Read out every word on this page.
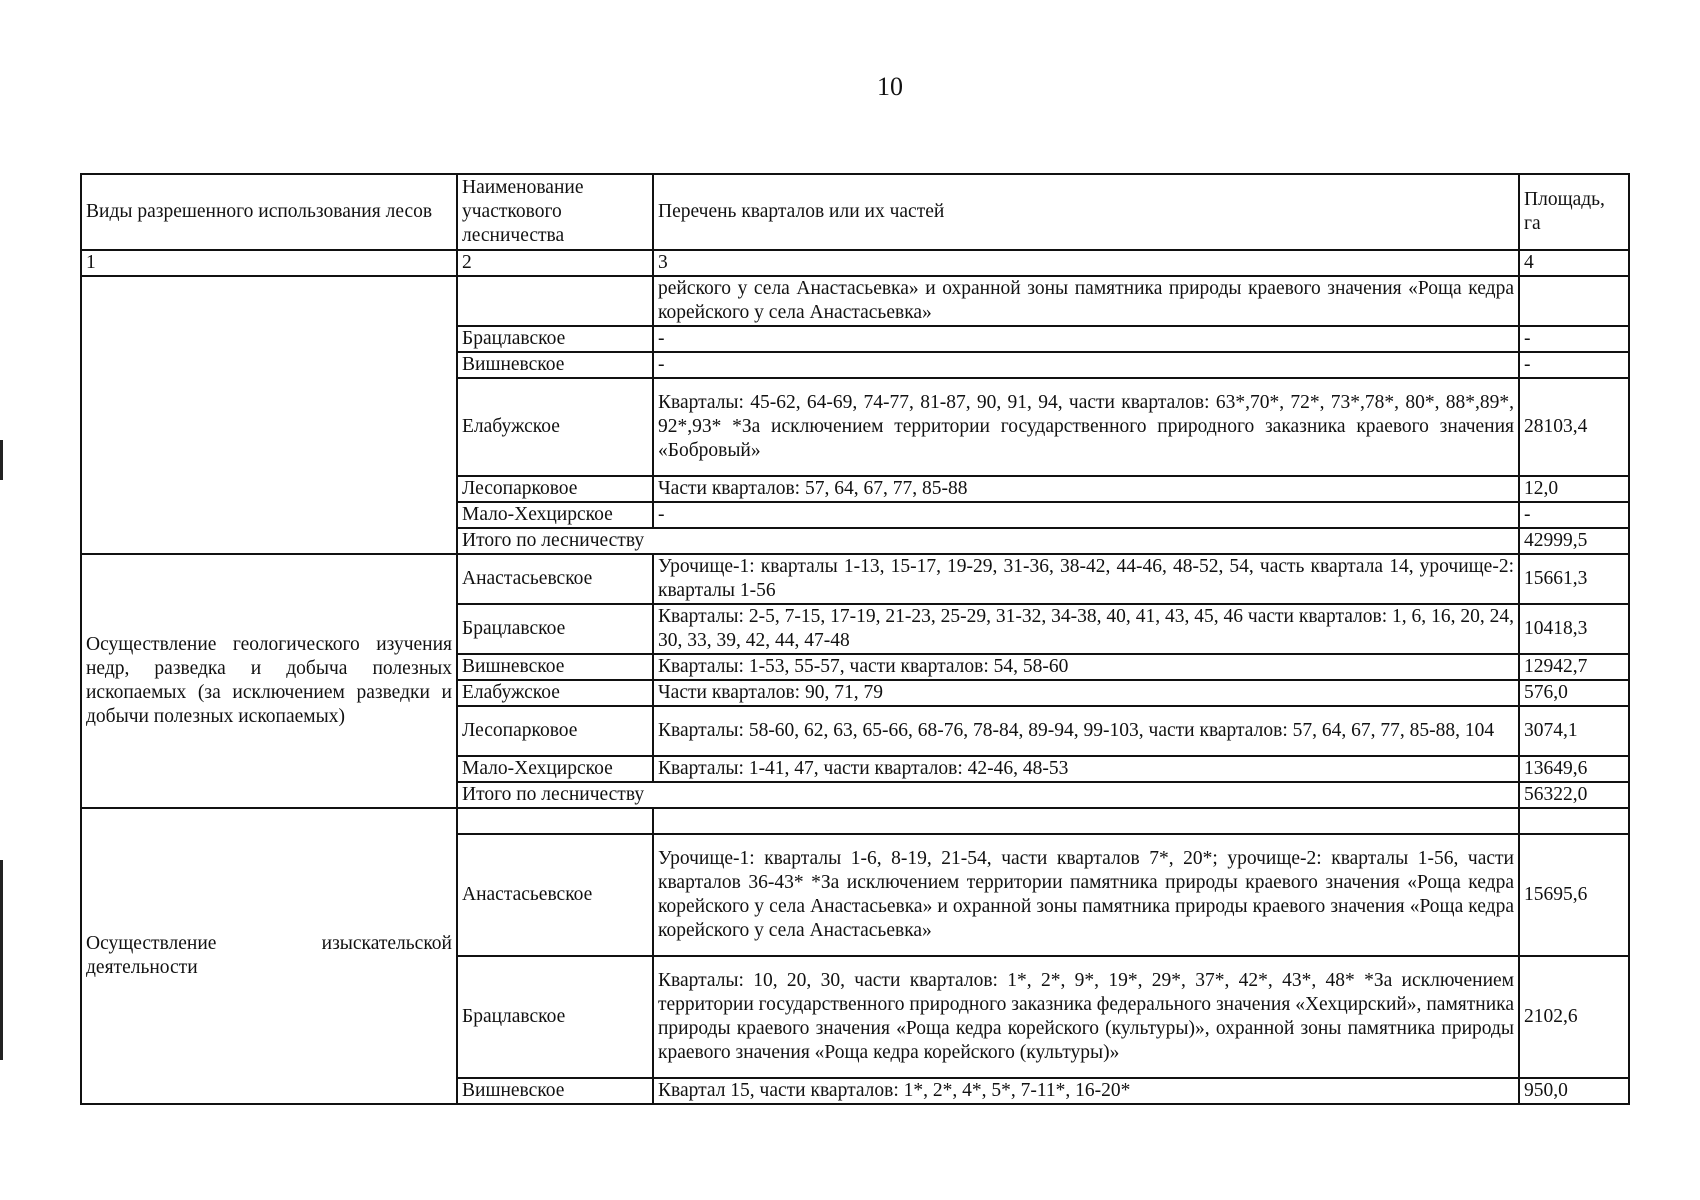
10
Виды разрешенного использования лесов	Наименование участкового лесничества	Перечень кварталов или их частей	Площадь, га
1	2	3	4
		рейского у села Анастасьевка» и охранной зоны памятника природы краевого значения «Роща кедра корейского у села Анастасьевка»	
	Брацлавское	-	-
	Вишневское	-	-
	Елабужское	Кварталы: 45-62, 64-69, 74-77, 81-87, 90, 91, 94, части кварталов: 63*,70*, 72*, 73*,78*, 80*, 88*,89*, 92*,93* *За исключением территории государственного природного заказника краевого значения «Бобровый»	28103,4
	Лесопарковое	Части кварталов: 57, 64, 67, 77, 85-88	12,0
	Мало-Хехцирское	-	-
	Итого по лесничеству		42999,5
Осуществление геологического изучения недр, разведка и добыча полезных ископаемых (за исключением разведки и добычи полезных ископаемых)	Анастасьевское	Урочище-1: кварталы 1-13, 15-17, 19-29, 31-36, 38-42, 44-46, 48-52, 54, часть квартала 14, урочище-2: кварталы 1-56	15661,3
	Брацлавское	Кварталы: 2-5, 7-15, 17-19, 21-23, 25-29, 31-32, 34-38, 40, 41, 43, 45, 46 части кварталов: 1, 6, 16, 20, 24, 30, 33, 39, 42, 44, 47-48	10418,3
	Вишневское	Кварталы: 1-53, 55-57, части кварталов: 54, 58-60	12942,7
	Елабужское	Части кварталов: 90, 71, 79	576,0
	Лесопарковое	Кварталы: 58-60, 62, 63, 65-66, 68-76, 78-84, 89-94, 99-103, части кварталов: 57, 64, 67, 77, 85-88, 104	3074,1
	Мало-Хехцирское	Кварталы: 1-41, 47, части кварталов: 42-46, 48-53	13649,6
	Итого по лесничеству		56322,0
Осуществление изыскательской деятельности			
	Анастасьевское	Урочище-1: кварталы 1-6, 8-19, 21-54, части кварталов 7*, 20*; урочище-2: кварталы 1-56, части кварталов 36-43* *За исключением территории памятника природы краевого значения «Роща кедра корейского у села Анастасьевка» и охранной зоны памятника природы краевого значения «Роща кедра корейского у села Анастасьевка»	15695,6
	Брацлавское	Кварталы: 10, 20, 30, части кварталов: 1*, 2*, 9*, 19*, 29*, 37*, 42*, 43*, 48* *За исключением территории государственного природного заказника федерального значения «Хехцирский», памятника природы краевого значения «Роща кедра корейского (культуры)», охранной зоны памятника природы краевого значения «Роща кедра корейского (культуры)»	2102,6
	Вишневское	Квартал 15, части кварталов: 1*, 2*, 4*, 5*, 7-11*, 16-20*	950,0
